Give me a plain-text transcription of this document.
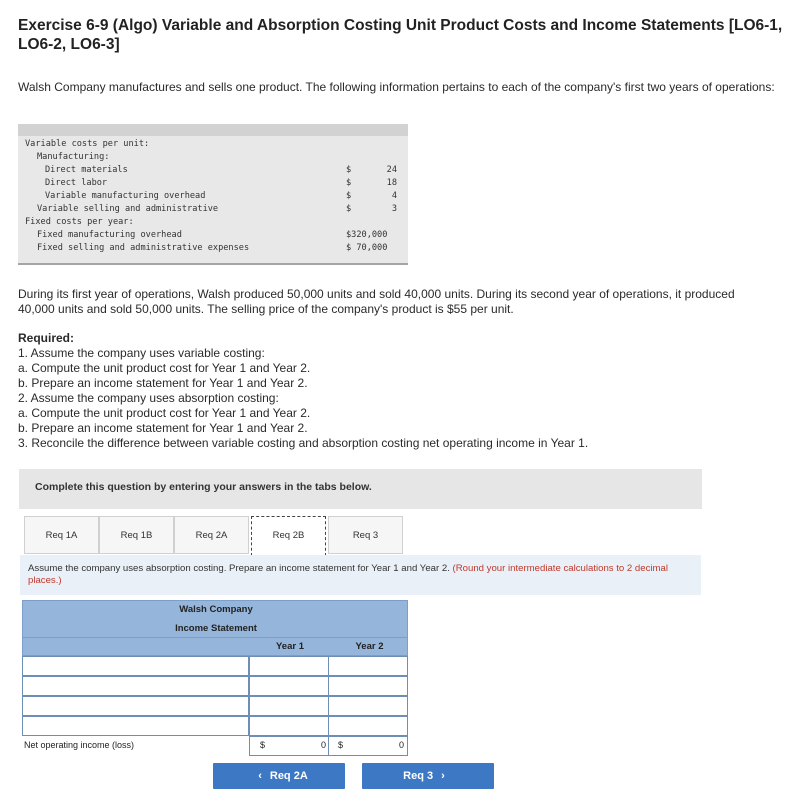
Exercise 6-9 (Algo) Variable and Absorption Costing Unit Product Costs and Income Statements [LO6-1, LO6-2, LO6-3]
Walsh Company manufactures and sells one product. The following information pertains to each of the company's first two years of operations:
Variable costs per unit:
Manufacturing:
Direct materials	$	24
Direct labor	$	18
Variable manufacturing overhead	$	4
Variable selling and administrative	$	3
Fixed costs per year:
Fixed manufacturing overhead	$320,000
Fixed selling and administrative expenses	$ 70,000
During its first year of operations, Walsh produced 50,000 units and sold 40,000 units. During its second year of operations, it produced 40,000 units and sold 50,000 units. The selling price of the company's product is $55 per unit.
Required:
1. Assume the company uses variable costing:
a. Compute the unit product cost for Year 1 and Year 2.
b. Prepare an income statement for Year 1 and Year 2.
2. Assume the company uses absorption costing:
a. Compute the unit product cost for Year 1 and Year 2.
b. Prepare an income statement for Year 1 and Year 2.
3. Reconcile the difference between variable costing and absorption costing net operating income in Year 1.
Complete this question by entering your answers in the tabs below.
Req 1A	Req 1B	Req 2A	Req 2B	Req 3
Assume the company uses absorption costing. Prepare an income statement for Year 1 and Year 2. (Round your intermediate calculations to 2 decimal places.)
Walsh Company
Income Statement
Year 1	Year 2
Net operating income (loss)	$	0 $	0
‹ Req 2A	Req 3 ›
